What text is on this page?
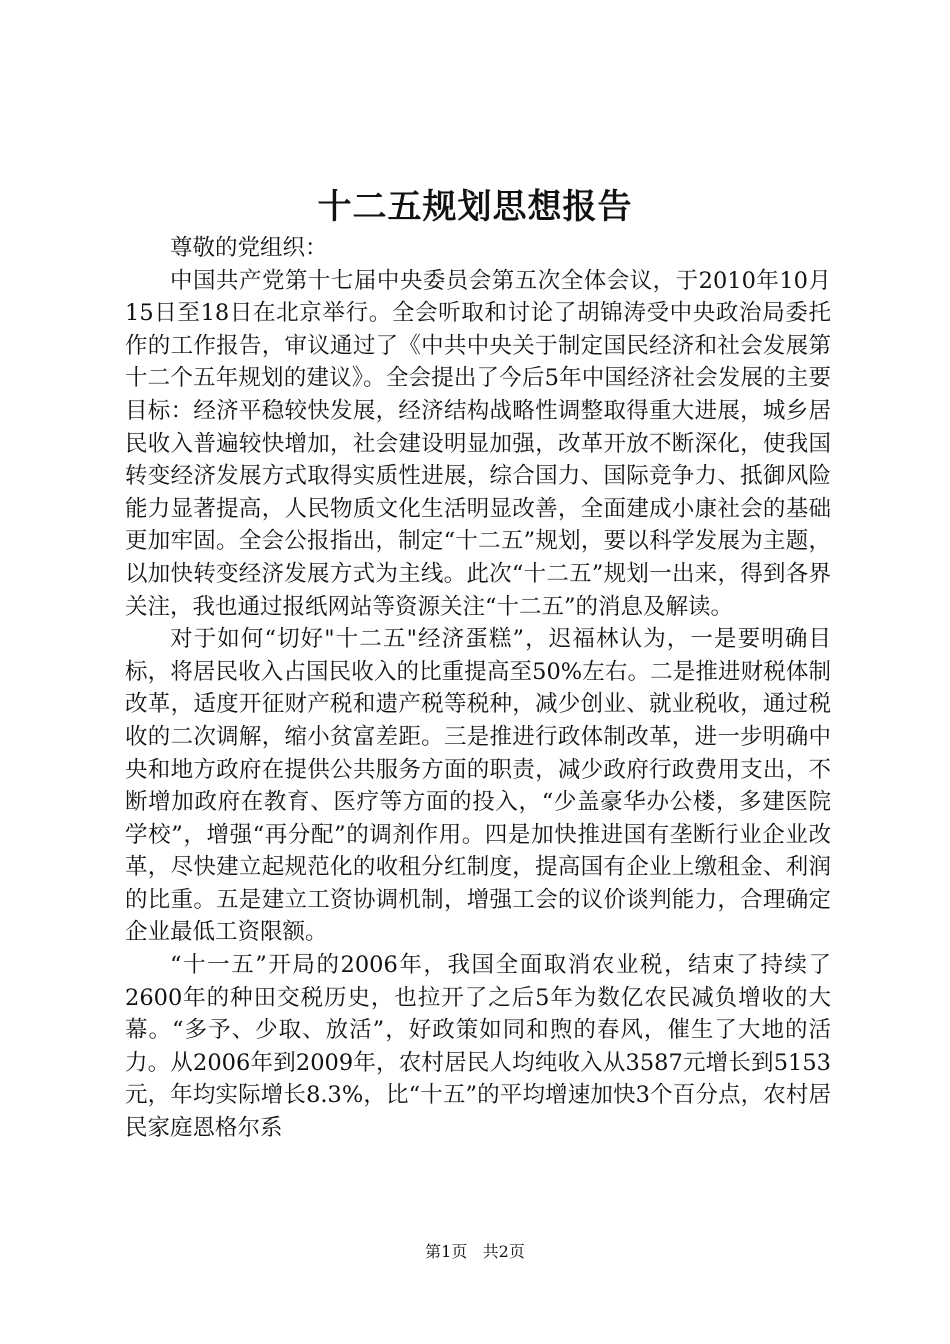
十二五规划思想报告

尊敬的党组织：

中国共产党第十七届中央委员会第五次全体会议，于2010年10月15日至18日在北京举行。全会听取和讨论了胡锦涛受中央政治局委托作的工作报告，审议通过了《中共中央关于制定国民经济和社会发展第十二个五年规划的建议》。全会提出了今后5年中国经济社会发展的主要目标：经济平稳较快发展，经济结构战略性调整取得重大进展，城乡居民收入普遍较快增加，社会建设明显加强，改革开放不断深化，使我国转变经济发展方式取得实质性进展，综合国力、国际竞争力、抵御风险能力显著提高，人民物质文化生活明显改善，全面建成小康社会的基础更加牢固。全会公报指出，制定“十二五”规划，要以科学发展为主题，以加快转变经济发展方式为主线。此次“十二五”规划一出来，得到各界关注，我也通过报纸网站等资源关注“十二五”的消息及解读。

对于如何“切好"十二五"经济蛋糕”，迟福林认为，一是要明确目标，将居民收入占国民收入的比重提高至50%左右。二是推进财税体制改革，适度开征财产税和遗产税等税种，减少创业、就业税收，通过税收的二次调解，缩小贫富差距。三是推进行政体制改革，进一步明确中央和地方政府在提供公共服务方面的职责，减少政府行政费用支出，不断增加政府在教育、医疗等方面的投入，“少盖豪华办公楼，多建医院学校”，增强“再分配”的调剂作用。四是加快推进国有垄断行业企业改革，尽快建立起规范化的收租分红制度，提高国有企业上缴租金、利润的比重。五是建立工资协调机制，增强工会的议价谈判能力，合理确定企业最低工资限额。

“十一五”开局的2006年，我国全面取消农业税，结束了持续了2600年的种田交税历史，也拉开了之后5年为数亿农民减负增收的大幕。“多予、少取、放活”，好政策如同和煦的春风，催生了大地的活力。从2006年到2009年，农村居民人均纯收入从3587元增长到5153元，年均实际增长8.3%，比“十五”的平均增速加快3个百分点，农村居民家庭恩格尔系

第1页 共2页
